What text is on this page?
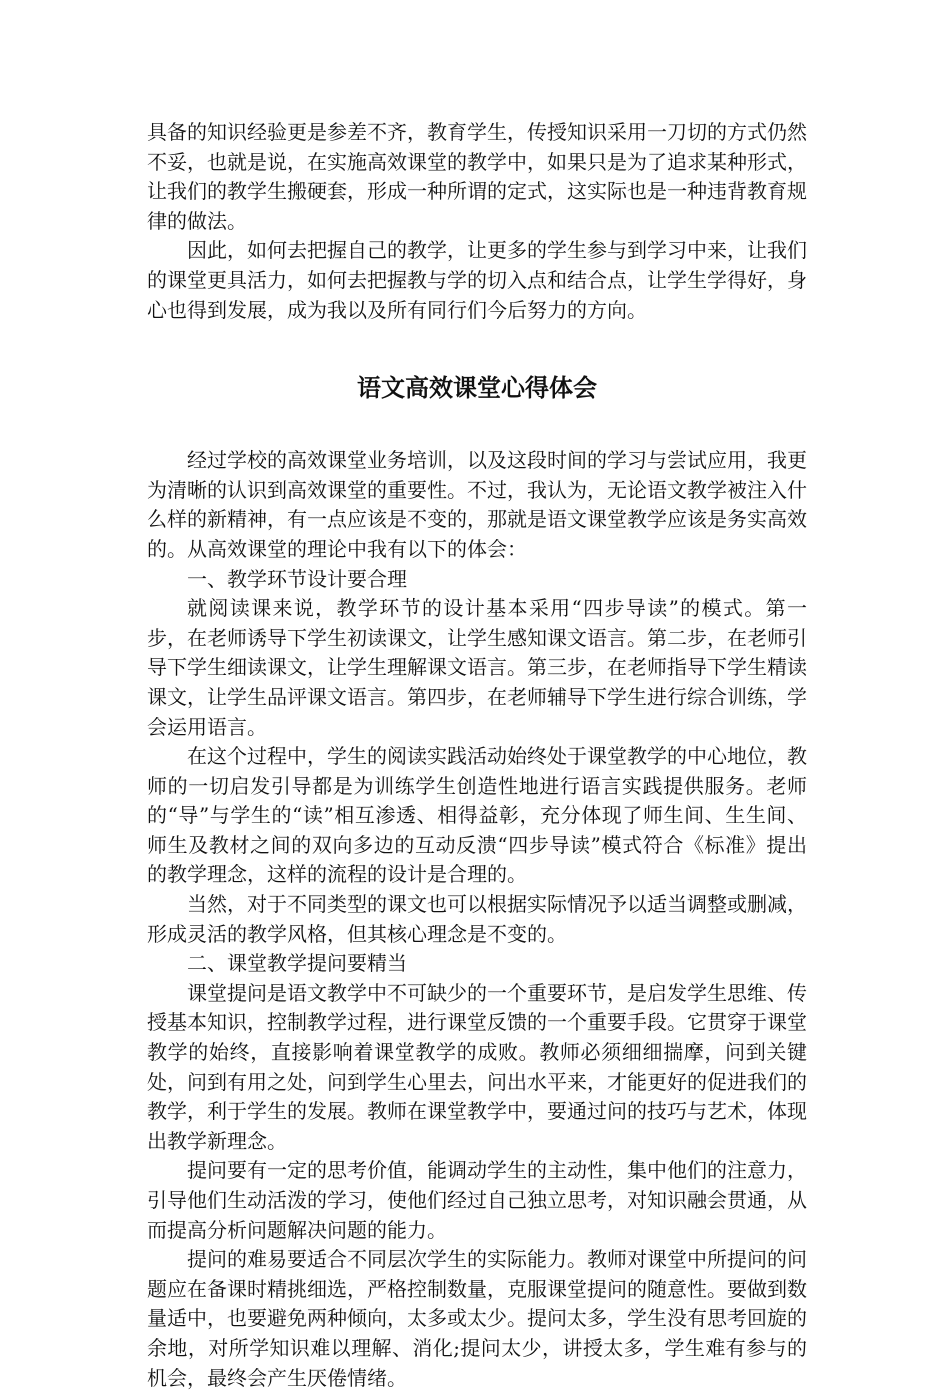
具备的知识经验更是参差不齐，教育学生，传授知识采用一刀切的方式仍然不妥，也就是说，在实施高效课堂的教学中，如果只是为了追求某种形式，让我们的教学生搬硬套，形成一种所谓的定式，这实际也是一种违背教育规律的做法。

因此，如何去把握自己的教学，让更多的学生参与到学习中来，让我们的课堂更具活力，如何去把握教与学的切入点和结合点，让学生学得好，身心也得到发展，成为我以及所有同行们今后努力的方向。

语文高效课堂心得体会

经过学校的高效课堂业务培训，以及这段时间的学习与尝试应用，我更为清晰的认识到高效课堂的重要性。不过，我认为，无论语文教学被注入什么样的新精神，有一点应该是不变的，那就是语文课堂教学应该是务实高效的。从高效课堂的理论中我有以下的体会：

一、教学环节设计要合理

就阅读课来说，教学环节的设计基本采用“四步导读”的模式。第一步，在老师诱导下学生初读课文，让学生感知课文语言。第二步，在老师引导下学生细读课文，让学生理解课文语言。第三步，在老师指导下学生精读课文，让学生品评课文语言。第四步，在老师辅导下学生进行综合训练，学会运用语言。

在这个过程中，学生的阅读实践活动始终处于课堂教学的中心地位，教师的一切启发引导都是为训练学生创造性地进行语言实践提供服务。老师的“导”与学生的“读”相互渗透、相得益彰，充分体现了师生间、生生间、师生及教材之间的双向多边的互动反溃“四步导读”模式符合《标准》提出的教学理念，这样的流程的设计是合理的。

当然，对于不同类型的课文也可以根据实际情况予以适当调整或删减，形成灵活的教学风格，但其核心理念是不变的。

二、课堂教学提问要精当

课堂提问是语文教学中不可缺少的一个重要环节，是启发学生思维、传授基本知识，控制教学过程，进行课堂反馈的一个重要手段。它贯穿于课堂教学的始终，直接影响着课堂教学的成败。教师必须细细揣摩，问到关键处，问到有用之处，问到学生心里去，问出水平来，才能更好的促进我们的教学，利于学生的发展。教师在课堂教学中，要通过问的技巧与艺术，体现出教学新理念。

提问要有一定的思考价值，能调动学生的主动性，集中他们的注意力，引导他们生动活泼的学习，使他们经过自己独立思考，对知识融会贯通，从而提高分析问题解决问题的能力。

提问的难易要适合不同层次学生的实际能力。教师对课堂中所提问的问题应在备课时精挑细选，严格控制数量，克服课堂提问的随意性。要做到数量适中，也要避免两种倾向，太多或太少。提问太多，学生没有思考回旋的余地，对所学知识难以理解、消化;提问太少，讲授太多，学生难有参与的机会，最终会产生厌倦情绪。
